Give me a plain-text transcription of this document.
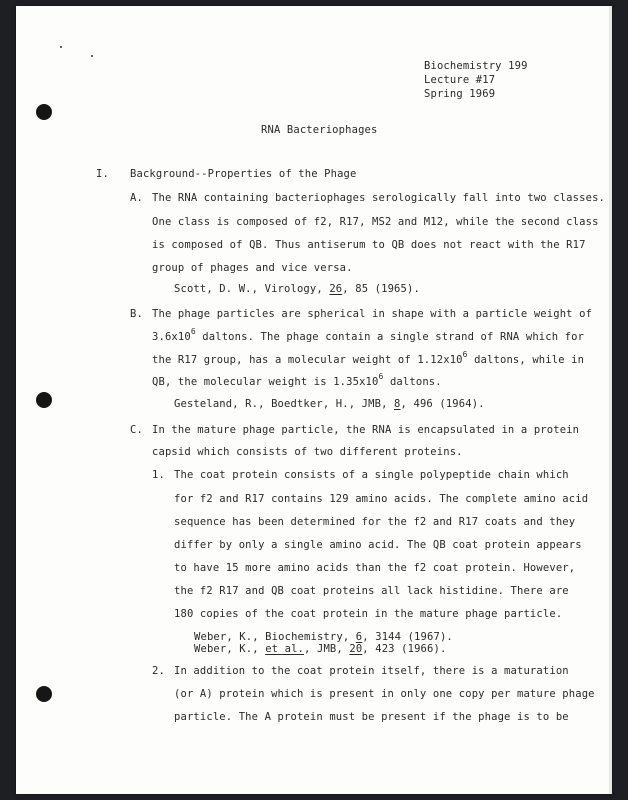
Biochemistry 199
Lecture #17
Spring 1969
RNA Bacteriophages
I. Background--Properties of the Phage
A. The RNA containing bacteriophages serologically fall into two classes.
One class is composed of f2, R17, MS2 and M12, while the second class
is composed of QB. Thus antiserum to QB does not react with the R17
group of phages and vice versa.
Scott, D. W., Virology, 26, 85 (1965).
B. The phage particles are spherical in shape with a particle weight of
$3.6x10^6$ daltons. The phage contain a single strand of RNA which for
the R17 group, has a molecular weight of $1.12x10^6$ daltons, while in
QB, the molecular weight is $1.35x10^6$ daltons.
Gesteland, R., Boedtker, H., JMB, 8, 496 (1964).
C. In the mature phage particle, the RNA is encapsulated in a protein
capsid which consists of two different proteins.
1. The coat protein consists of a single polypeptide chain which
for f2 and R17 contains 129 amino acids. The complete amino acid
sequence has been determined for the f2 and R17 coats and they
differ by only a single amino acid. The QB coat protein appears
to have 15 more amino acids than the f2 coat protein. However,
the f2 R17 and QB coat proteins all lack histidine. There are
180 copies of the coat protein in the mature phage particle.
Weber, K., Biochemistry, 6, 3144 (1967).
Weber, K., et al., JMB, 20, 423 (1966).
2. In addition to the coat protein itself, there is a maturation
(or A) protein which is present in only one copy per mature phage
particle. The A protein must be present if the phage is to be
